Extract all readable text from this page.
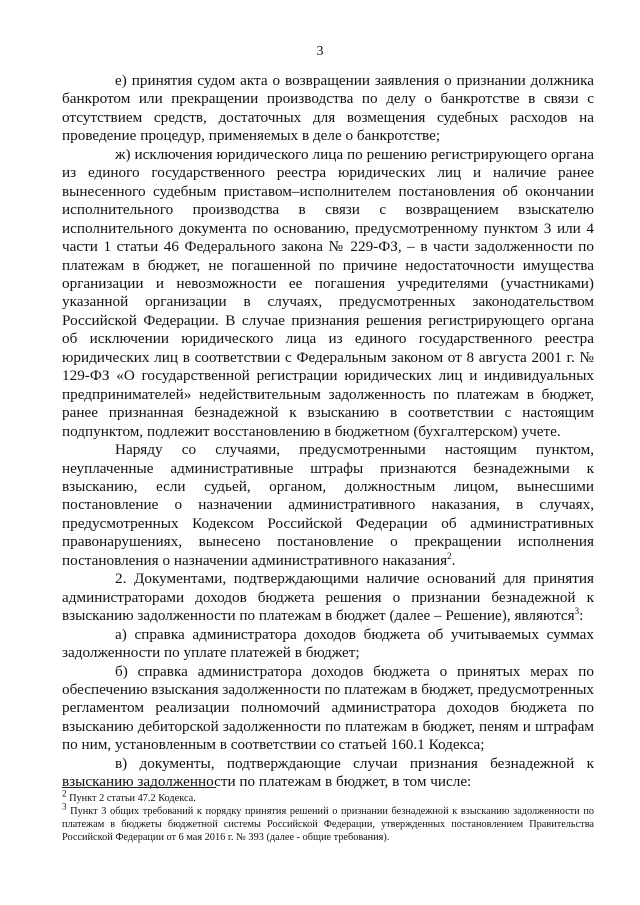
3

е) принятия судом акта о возвращении заявления о признании должника банкротом или прекращении производства по делу о банкротстве в связи с отсутствием средств, достаточных для возмещения судебных расходов на проведение процедур, применяемых в деле о банкротстве;

ж) исключения юридического лица по решению регистрирующего органа из единого государственного реестра юридических лиц и наличие ранее вынесенного судебным приставом–исполнителем постановления об окончании исполнительного производства в связи с возвращением взыскателю исполнительного документа по основанию, предусмотренному пунктом 3 или 4 части 1 статьи 46 Федерального закона № 229-ФЗ, – в части задолженности по платежам в бюджет, не погашенной по причине недостаточности имущества организации и невозможности ее погашения учредителями (участниками) указанной организации в случаях, предусмотренных законодательством Российской Федерации. В случае признания решения регистрирующего органа об исключении юридического лица из единого государственного реестра юридических лиц в соответствии с Федеральным законом от 8 августа 2001 г. № 129-ФЗ «О государственной регистрации юридических лиц и индивидуальных предпринимателей» недействительным задолженность по платежам в бюджет, ранее признанная безнадежной к взысканию в соответствии с настоящим подпунктом, подлежит восстановлению в бюджетном (бухгалтерском) учете.

Наряду со случаями, предусмотренными настоящим пунктом, неуплаченные административные штрафы признаются безнадежными к взысканию, если судьей, органом, должностным лицом, вынесшими постановление о назначении административного наказания, в случаях, предусмотренных Кодексом Российской Федерации об административных правонарушениях, вынесено постановление о прекращении исполнения постановления о назначении административного наказания$^2$.

2. Документами, подтверждающими наличие оснований для принятия администраторами доходов бюджета решения о признании безнадежной к взысканию задолженности по платежам в бюджет (далее – Решение), являются$^3$:

а) справка администратора доходов бюджета об учитываемых суммах задолженности по уплате платежей в бюджет;

б) справка администратора доходов бюджета о принятых мерах по обеспечению взыскания задолженности по платежам в бюджет, предусмотренных регламентом реализации полномочий администратора доходов бюджета по взысканию дебиторской задолженности по платежам в бюджет, пеням и штрафам по ним, установленным в соответствии со статьей 160.1 Кодекса;

в) документы, подтверждающие случаи признания безнадежной к взысканию задолженности по платежам в бюджет, в том числе:

$^2$ Пункт 2 статьи 47.2 Кодекса.

$^3$ Пункт 3 общих требований к порядку принятия решений о признании безнадежной к взысканию задолженности по платежам в бюджеты бюджетной системы Российской Федерации, утвержденных постановлением Правительства Российской Федерации от 6 мая 2016 г. № 393 (далее - общие требования).
